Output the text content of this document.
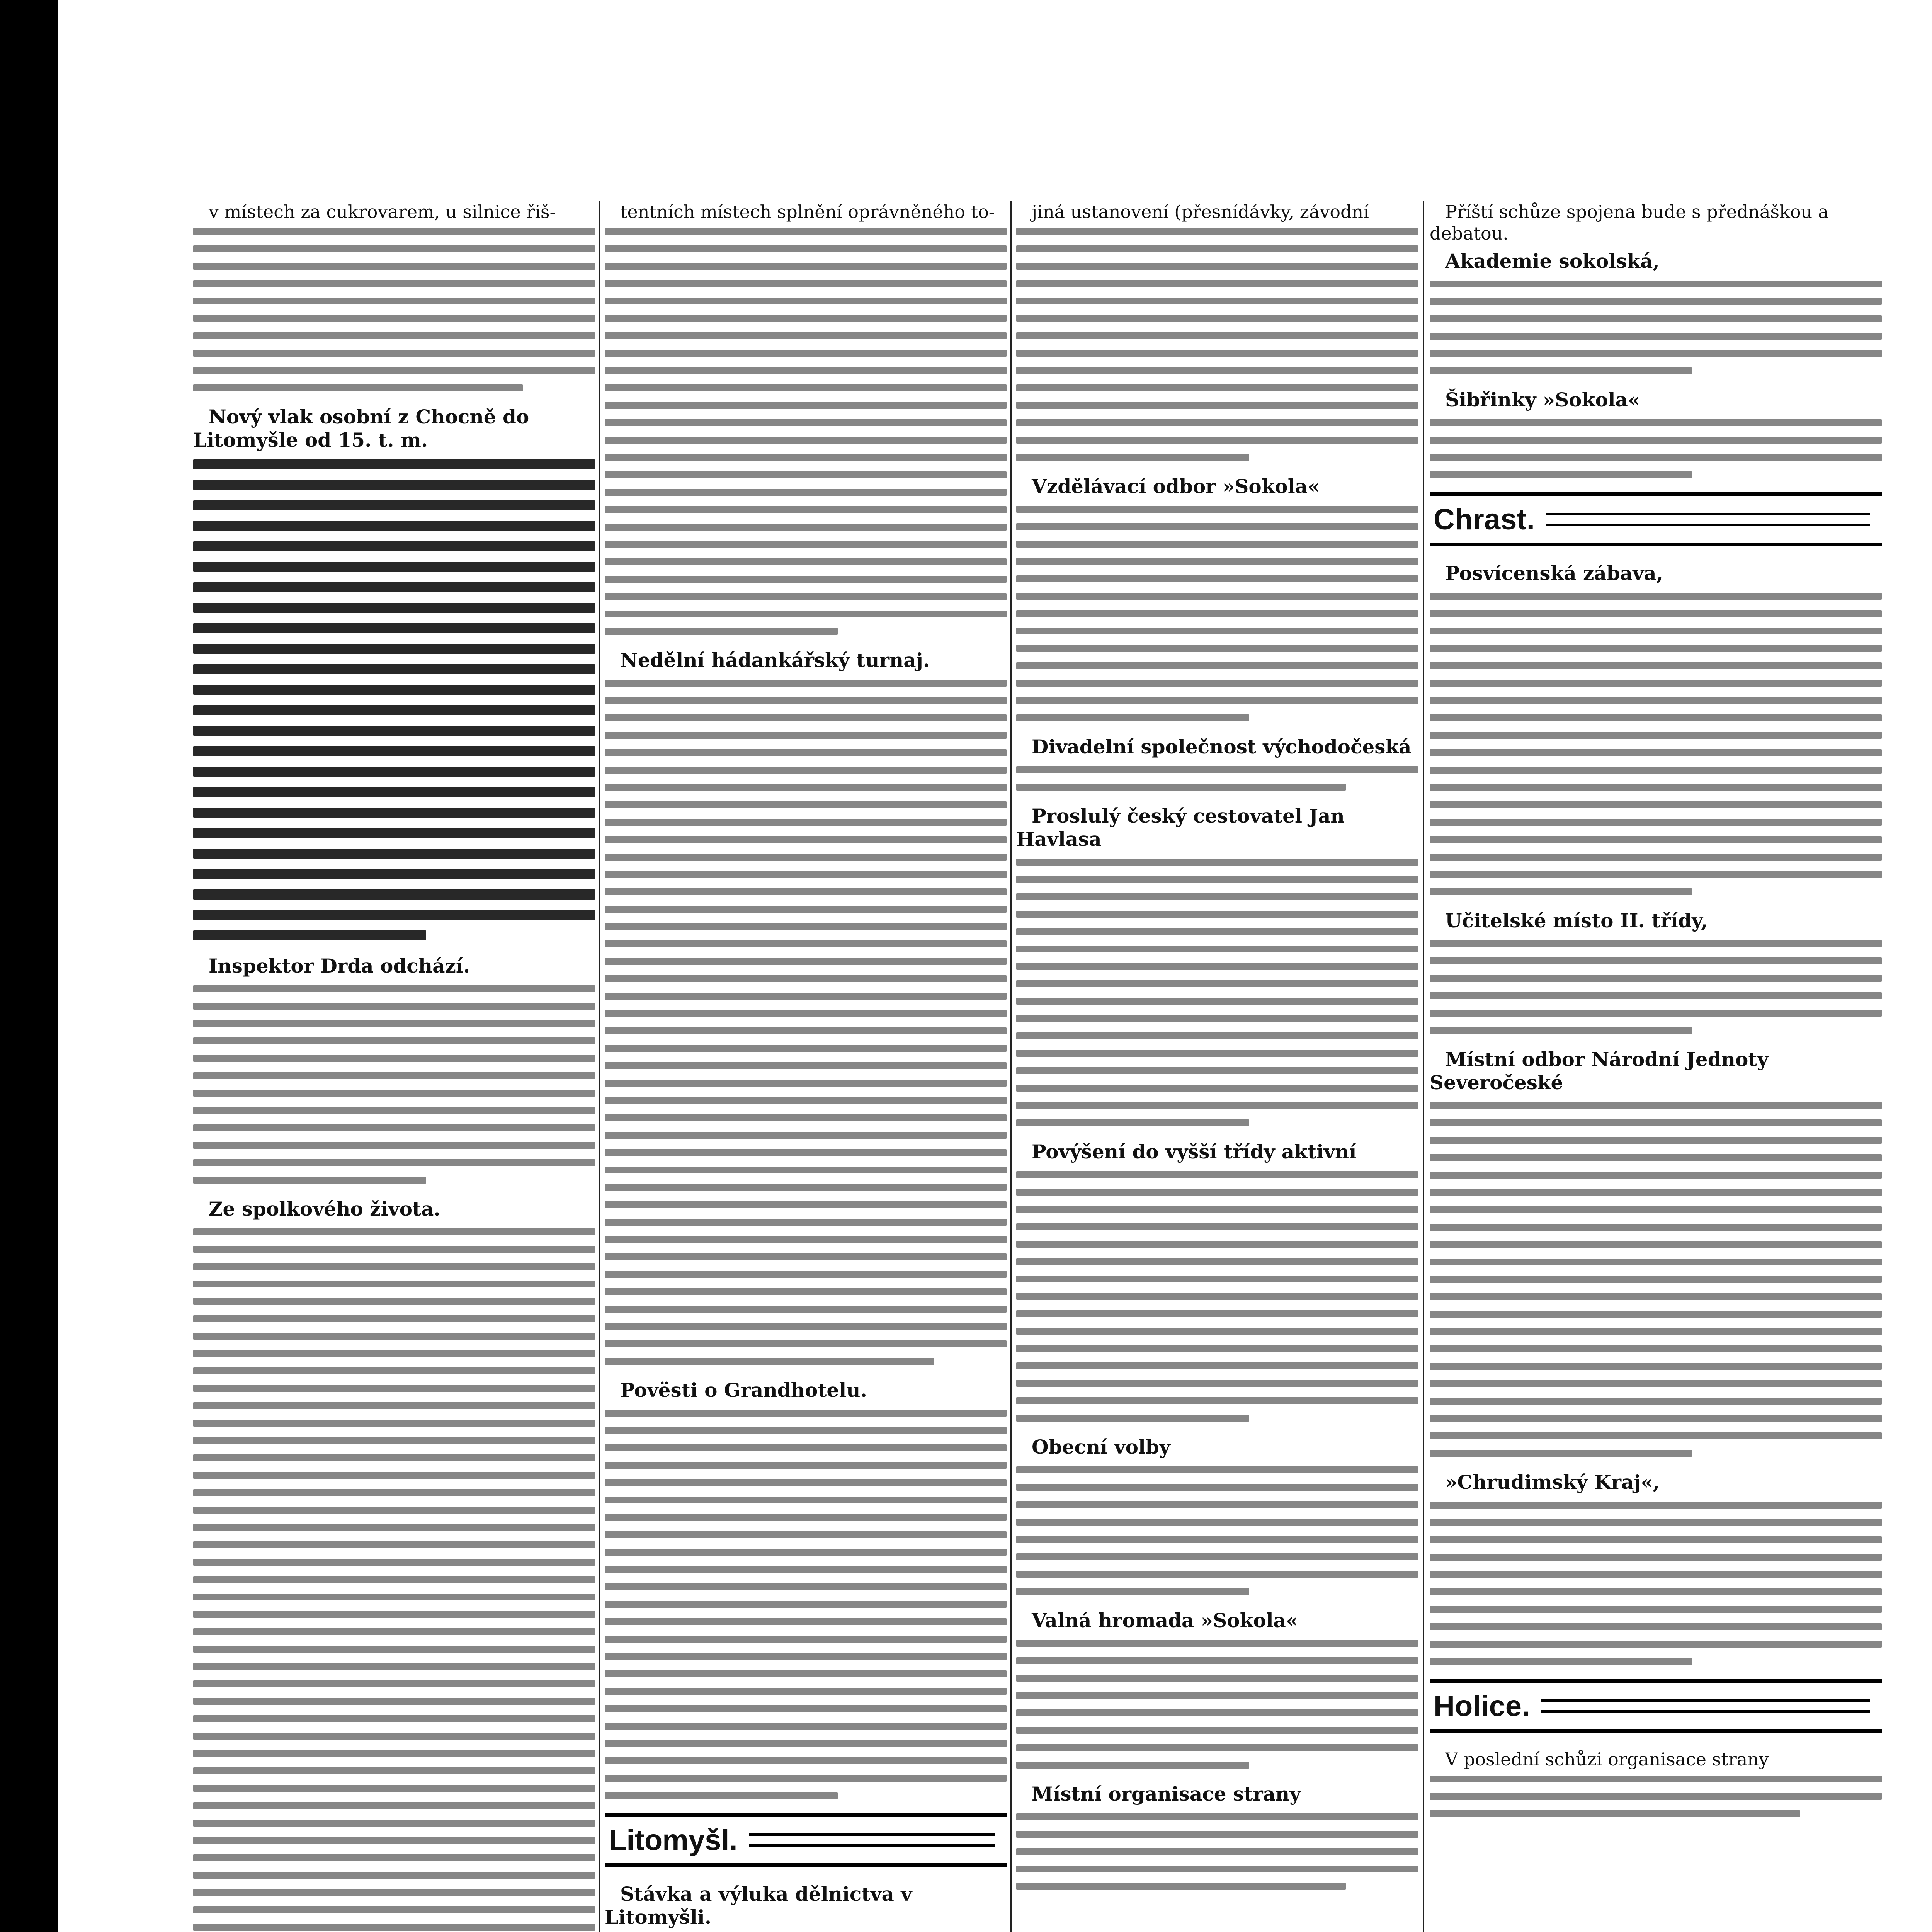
v místech za cukrovarem, u silnice řiš-
Nový vlak osobní z Chocně do Litomyšle od 15. t. m.
Inspektor Drda odchází.
Ze spolkového života.
tentních místech splnění oprávněného to-
Nedělní hádankářský turnaj.
Povësti o Grandhotelu.
Litomyšl.
Stávka a výluka dělnictva v Litomyšli.
jiná ustanovení (přesnídávky, závodní
Vzdělávací odbor »Sokola«
Divadelní společnost východočeská
Proslulý český cestovatel Jan Havlasa
Povýšení do vyšší třídy aktivní
Obecní volby
Valná hromada »Sokola«
Místní organisace strany
Příští schůze spojena bude s přednáškou a debatou.
Akademie sokolská,
Šibřinky »Sokola«
Chrast.
Posvícenská zábava,
Učitelské místo II. třídy,
Místní odbor Národní Jednoty Severočeské
»Chrudimský Kraj«,
Holice.
V poslední schůzi organisace strany
